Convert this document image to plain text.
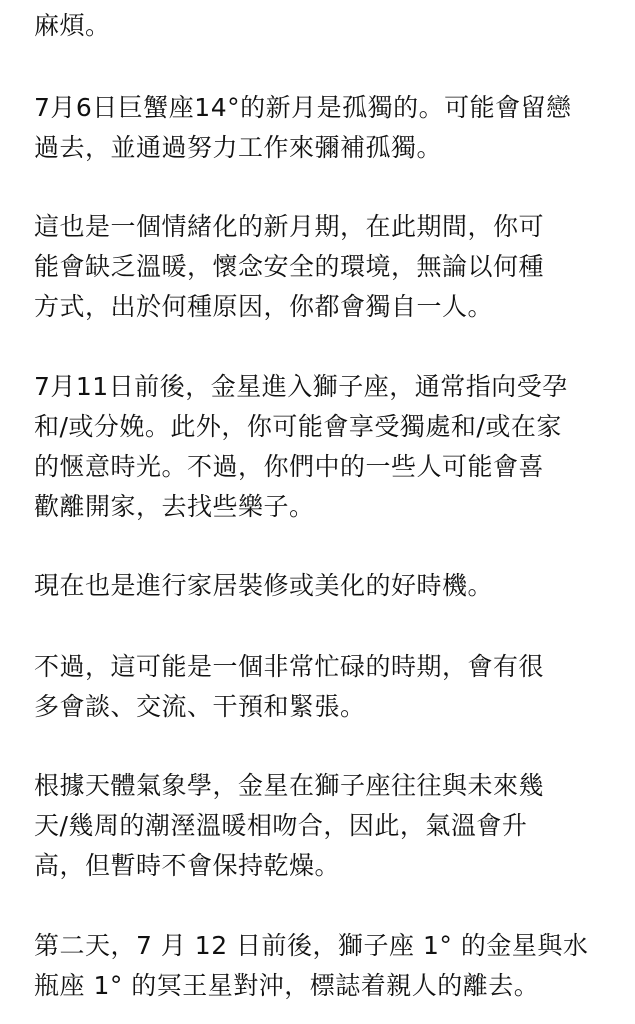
麻煩。
7月6日巨蟹座14°的新月是孤獨的。可能會留戀
過去，並通過努力工作來彌補孤獨。
這也是一個情緒化的新月期，在此期間，你可
能會缺乏溫暖，懷念安全的環境，無論以何種
方式，出於何種原因，你都會獨自一人。
7月11日前後，金星進入獅子座，通常指向受孕
和/或分娩。此外，你可能會享受獨處和/或在家
的愜意時光。不過，你們中的一些人可能會喜
歡離開家，去找些樂子。
現在也是進行家居裝修或美化的好時機。
不過，這可能是一個非常忙碌的時期，會有很
多會談、交流、干預和緊張。
根據天體氣象學，金星在獅子座往往與未來幾
天/幾周的潮溼溫暖相吻合，因此，氣溫會升
高，但暫時不會保持乾燥。
第二天，7 月 12 日前後，獅子座 1° 的金星與水
瓶座 1° 的冥王星對沖，標誌着親人的離去。
